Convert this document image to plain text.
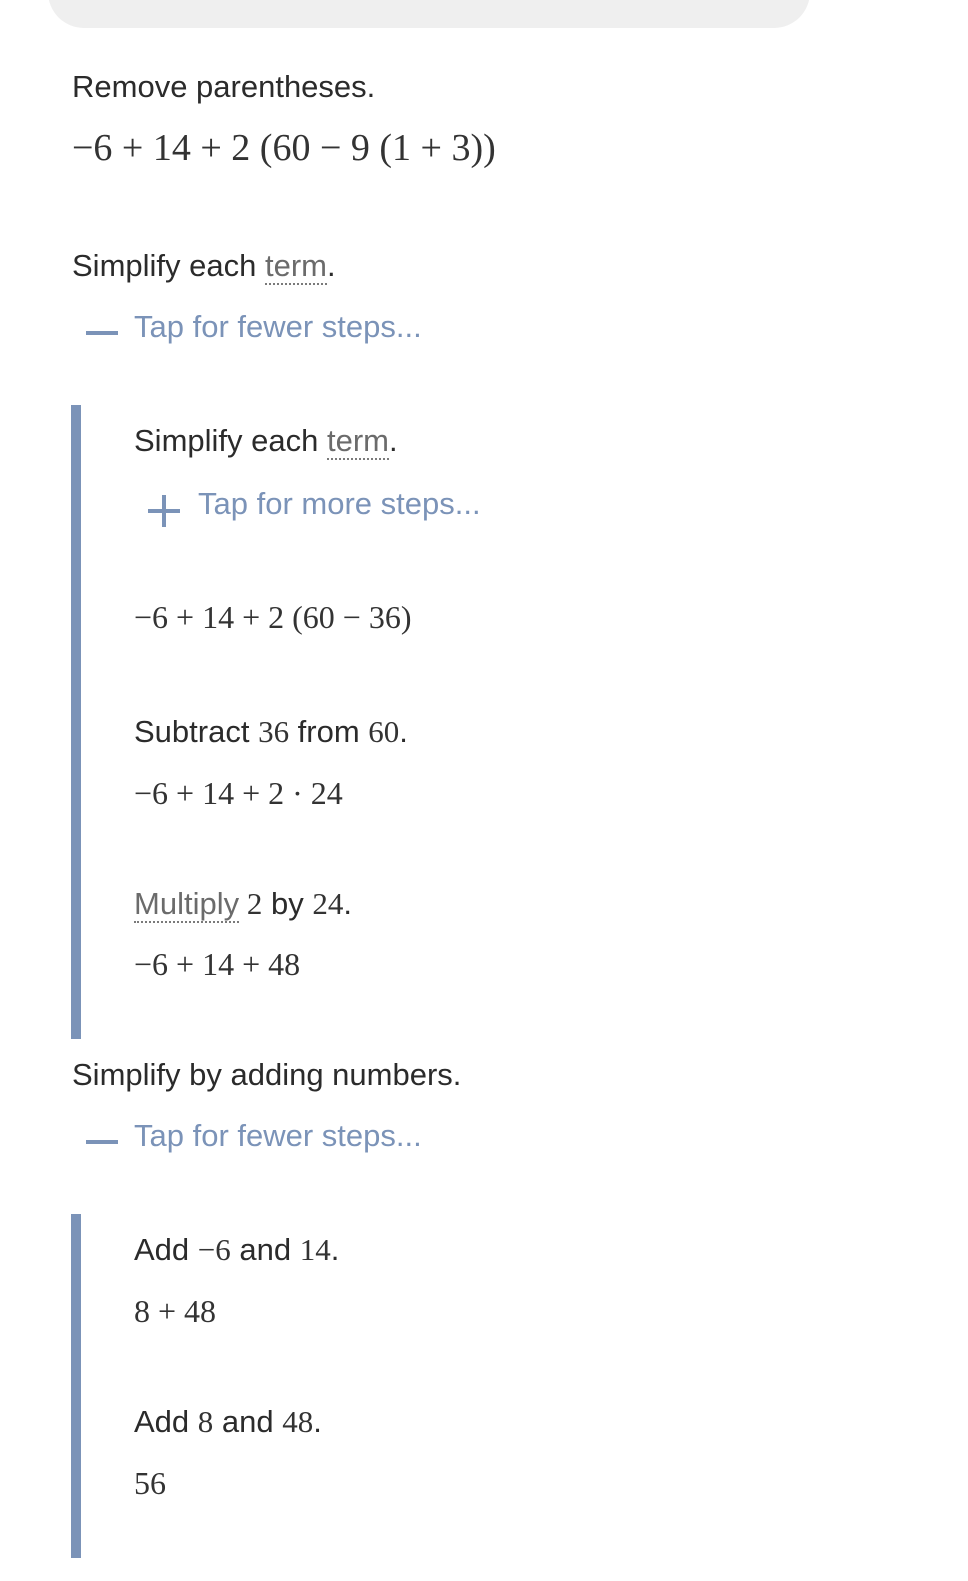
Remove parentheses.
−6 + 14 + 2 (60 − 9 (1 + 3))
Simplify each term.
Tap for fewer steps...
Simplify each term.
Tap for more steps...
−6 + 14 + 2 (60 − 36)
Subtract 36 from 60.
−6 + 14 + 2 · 24
Multiply 2 by 24.
−6 + 14 + 48
Simplify by adding numbers.
Tap for fewer steps...
Add −6 and 14.
8 + 48
Add 8 and 48.
56
